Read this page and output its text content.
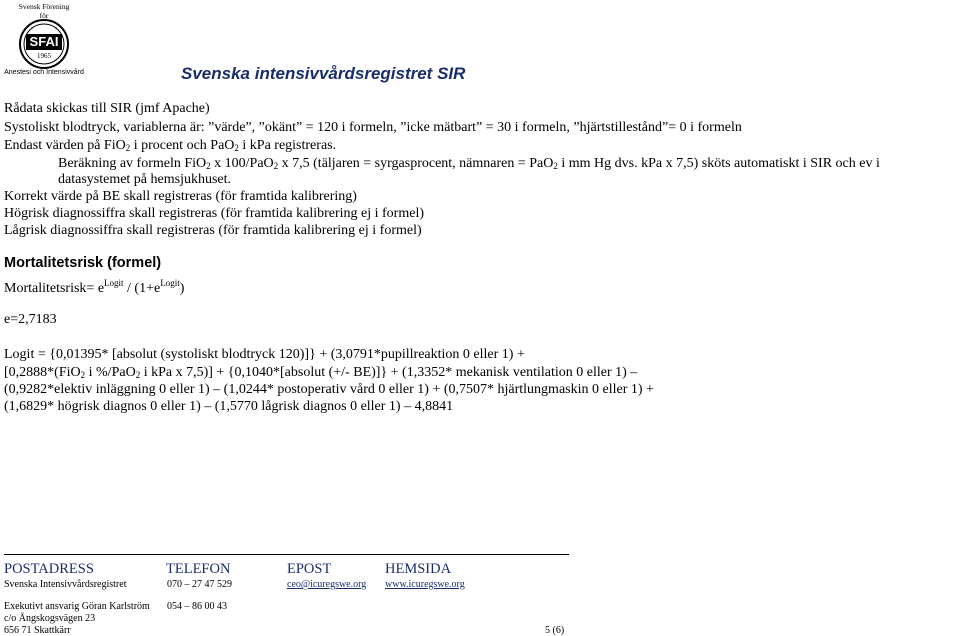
Svensk Förening
för
SFAI
1965
Anestesi och Intensivvård	Svenska intensivvårdsregistret SIR
Rådata skickas till SIR (jmf Apache)
Systoliskt blodtryck, variablerna är: ”värde”, ”okänt” = 120 i formeln, ”icke mätbart” = 30 i formeln, ”hjärtstillestånd”= 0 i formeln
Endast värden på FiO$_2$ i procent och PaO$_2$ i kPa registreras.
Beräkning av formeln FiO$_2$ x 100/PaO$_2$ x 7,5 (täljaren = syrgasprocent, nämnaren = PaO$_2$ i mm Hg dvs. kPa x 7,5) sköts automatiskt i SIR och ev i
datasystemet på hemsjukhuset.
Korrekt värde på BE skall registreras (för framtida kalibrering)
Högrisk diagnossiffra skall registreras (för framtida kalibrering ej i formel)
Lågrisk diagnossiffra skall registreras (för framtida kalibrering ej i formel)
Mortalitetsrisk (formel)
Mortalitetsrisk= $e^{Logit} / (1+e^{Logit})$
e=2,7183
Logit = {0,01395* [absolut (systoliskt blodtryck 120)]} + (3,0791*pupillreaktion 0 eller 1) +
[0,2888*(FiO$_2$ i %/PaO$_2$ i kPa x 7,5)] + {0,1040*[absolut (+/- BE)]} + (1,3352* mekanisk ventilation 0 eller 1) –
(0,9282*elektiv inläggning 0 eller 1) – (1,0244* postoperativ vård 0 eller 1) + (0,7507* hjärtlungmaskin 0 eller 1) +
(1,6829* högrisk diagnos 0 eller 1) – (1,5770 lågrisk diagnos 0 eller 1) – 4,8841
POSTADRESS	TELEFON	EPOST	HEMSIDA
Svenska Intensivvårdsregistret	070 – 27 47 529	ceo@icuregswe.org www.icuregswe.org
Exekutivt ansvarig Göran Karlström 054 – 86 00 43
c/o Ängskogsvägen 23
656 71 Skattkärr	5 (6)
